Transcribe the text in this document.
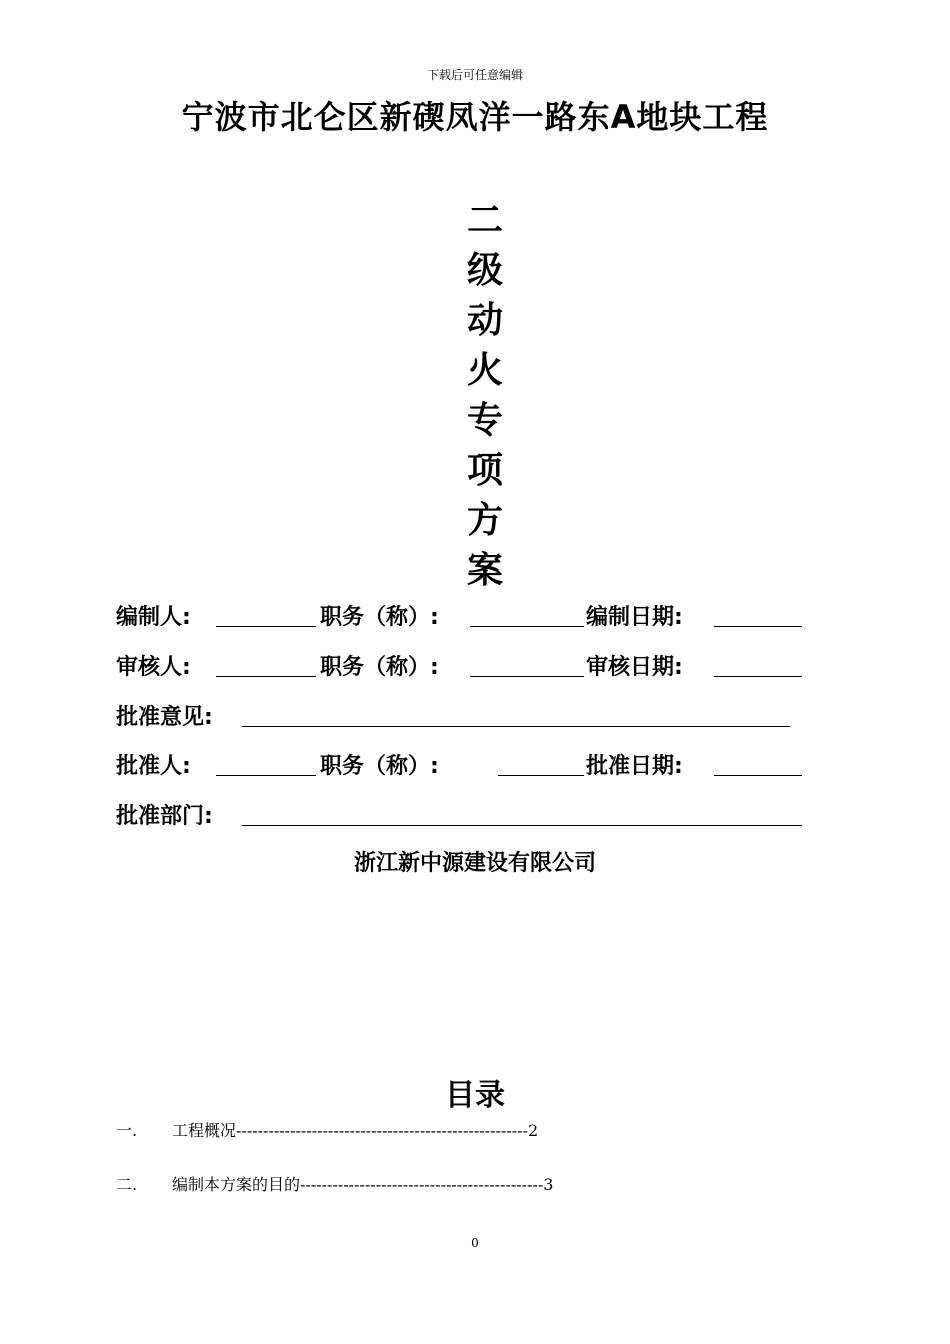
下载后可任意编辑
宁波市北仑区新碶凤洋一路东A地块工程
二
级
动
火
专
项
方
案
编制人:	职务（称）:	编制日期:
审核人:	职务（称）:	审核日期:
批准意见:
批准人:	职务（称）:	批准日期:
批准部门:
浙江新中源建设有限公司
目录
一. 工程概况------------------------------------------------------2
二. 编制本方案的目的---------------------------------------------3
0
